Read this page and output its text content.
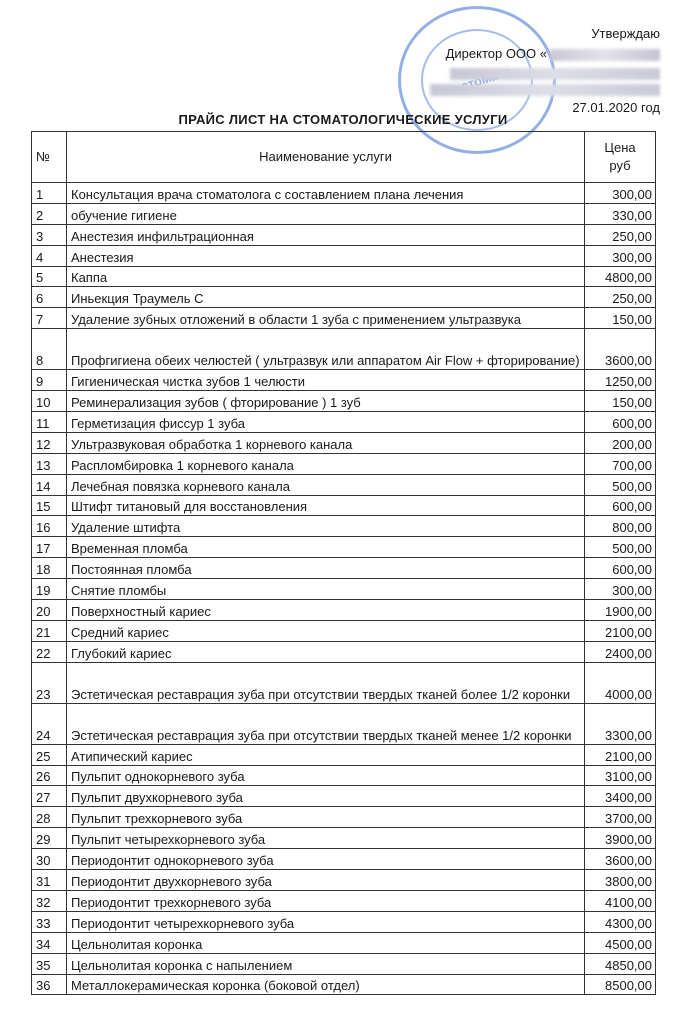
Утверждаю
Директор ООО «
27.01.2020 год
ПРАЙС ЛИСТ НА СТОМАТОЛОГИЧЕСКИЕ УСЛУГИ
№	Наименование услуги	Цена
руб
1	Консультация врача стоматолога с составлением плана лечения	300,00
2	обучение гигиене	330,00
3	Анестезия инфильтрационная	250,00
4	Анестезия	300,00
5	Каппа	4800,00
6	Иньекция Траумель С	250,00
7	Удаление зубных отложений в области 1 зуба с применением ультразвука	150,00
8	Профгигиена обеих челюстей ( ультразвук или аппаратом Air Flow + фторирование)	3600,00
9	Гигиеническая чистка зубов 1 челюсти	1250,00
10	Реминерализация зубов ( фторирование ) 1 зуб	150,00
11	Герметизация фиссур 1 зуба	600,00
12	Ультразвуковая обработка 1 корневого канала	200,00
13	Распломбировка 1 корневого канала	700,00
14	Лечебная повязка корневого канала	500,00
15	Штифт титановый для восстановления	600,00
16	Удаление штифта	800,00
17	Временная пломба	500,00
18	Постоянная пломба	600,00
19	Снятие пломбы	300,00
20	Поверхностный кариес	1900,00
21	Средний кариес	2100,00
22	Глубокий кариес	2400,00
23	Эстетическая реставрация зуба при отсутствии твердых тканей более 1/2 коронки	4000,00
24	Эстетическая реставрация зуба при отсутствии твердых тканей менее 1/2 коронки	3300,00
25	Атипический кариес	2100,00
26	Пульпит однокорневого зуба	3100,00
27	Пульпит двухкорневого зуба	3400,00
28	Пульпит трехкорневого зуба	3700,00
29	Пульпит четырехкорневого зуба	3900,00
30	Периодонтит однокорневого зуба	3600,00
31	Периодонтит двухкорневого зуба	3800,00
32	Периодонтит трехкорневого зуба	4100,00
33	Периодонтит четырехкорневого зуба	4300,00
34	Цельнолитая коронка	4500,00
35	Цельнолитая коронка с напылением	4850,00
36	Металлокерамическая коронка (боковой отдел)	8500,00
